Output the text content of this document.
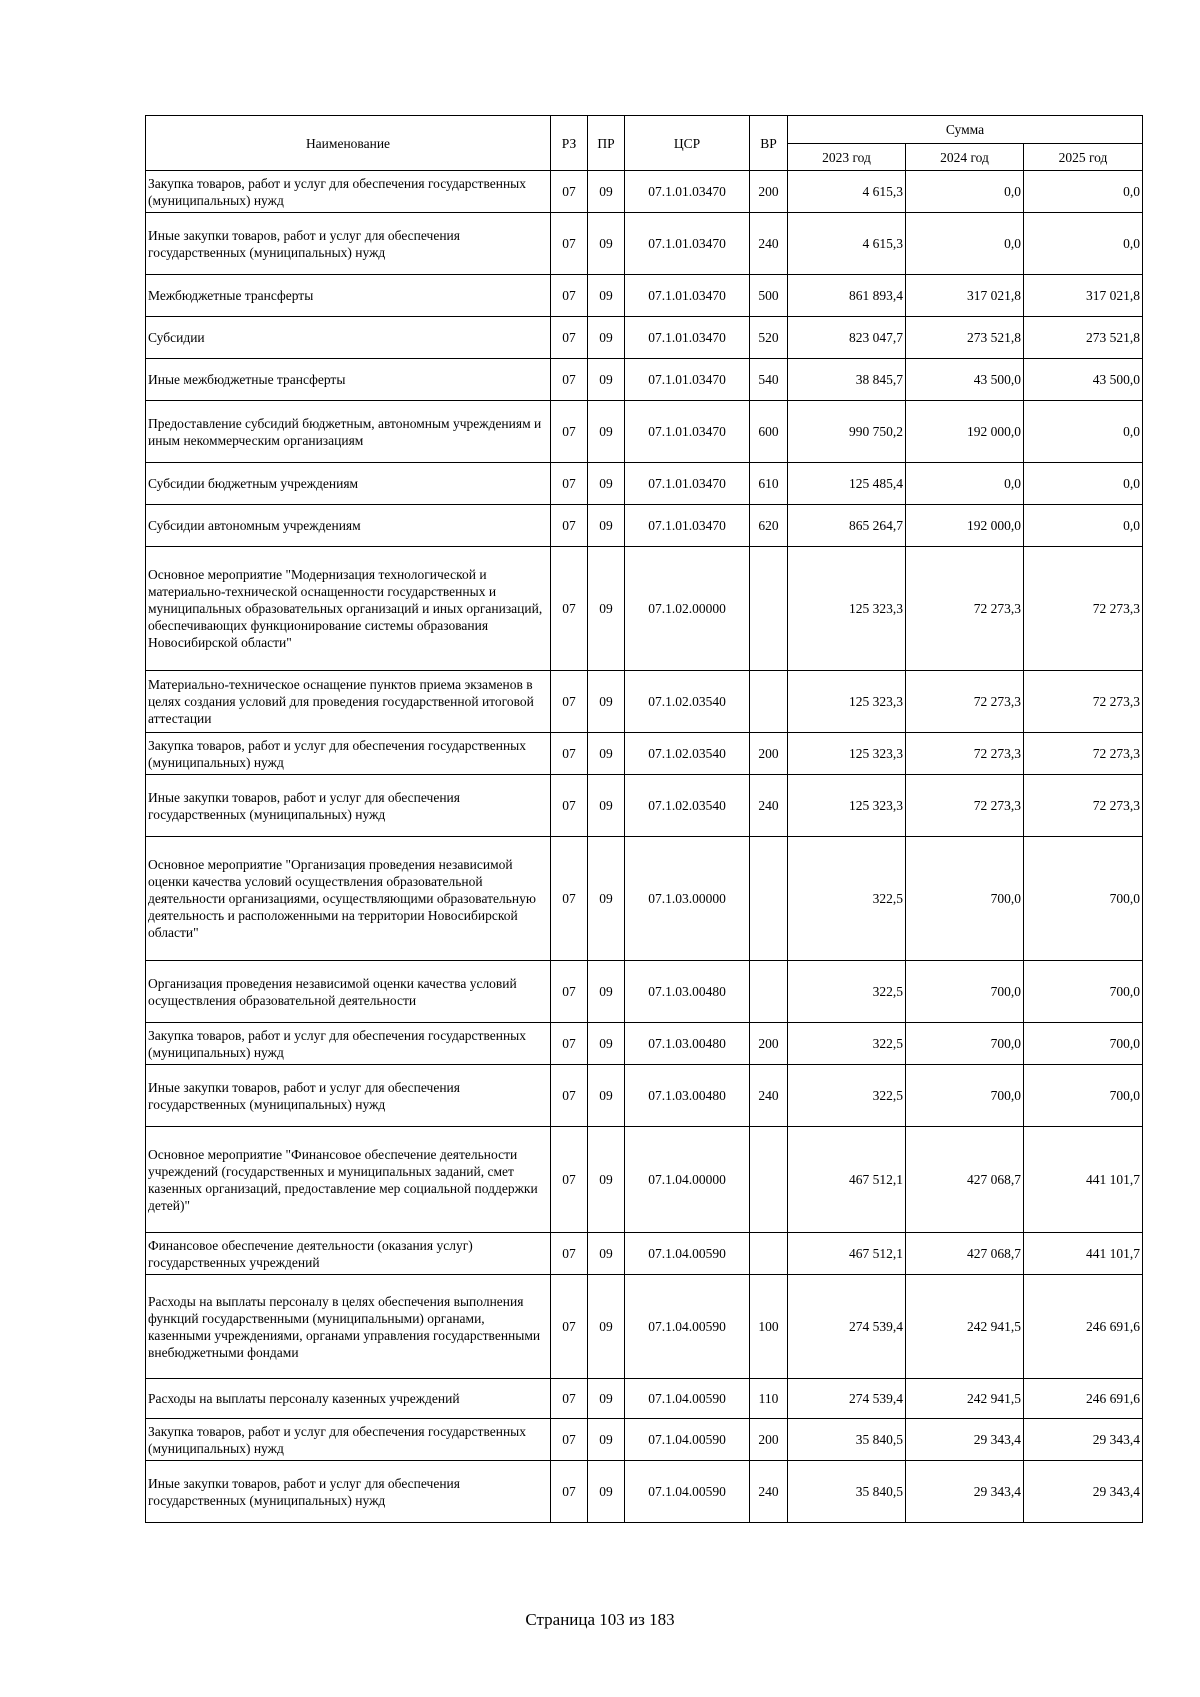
Наименование	РЗ	ПР	ЦСР	ВР	Сумма		
					2023 год	2024 год	2025 год
Закупка товаров, работ и услуг для обеспечения государственных (муниципальных) нужд	07	09	07.1.01.03470	200	4 615,3	0,0	0,0
Иные закупки товаров, работ и услуг для обеспечения государственных (муниципальных) нужд	07	09	07.1.01.03470	240	4 615,3	0,0	0,0
Межбюджетные трансферты	07	09	07.1.01.03470	500	861 893,4	317 021,8	317 021,8
Субсидии	07	09	07.1.01.03470	520	823 047,7	273 521,8	273 521,8
Иные межбюджетные трансферты	07	09	07.1.01.03470	540	38 845,7	43 500,0	43 500,0
Предоставление субсидий бюджетным, автономным учреждениям и иным некоммерческим организациям	07	09	07.1.01.03470	600	990 750,2	192 000,0	0,0
Субсидии бюджетным учреждениям	07	09	07.1.01.03470	610	125 485,4	0,0	0,0
Субсидии автономным учреждениям	07	09	07.1.01.03470	620	865 264,7	192 000,0	0,0
Основное мероприятие "Модернизация технологической и материально-технической оснащенности государственных и муниципальных образовательных организаций и иных организаций, обеспечивающих функционирование системы образования Новосибирской области"	07	09	07.1.02.00000		125 323,3	72 273,3	72 273,3
Материально-техническое оснащение пунктов приема экзаменов в целях создания условий для проведения государственной итоговой аттестации	07	09	07.1.02.03540		125 323,3	72 273,3	72 273,3
Закупка товаров, работ и услуг для обеспечения государственных (муниципальных) нужд	07	09	07.1.02.03540	200	125 323,3	72 273,3	72 273,3
Иные закупки товаров, работ и услуг для обеспечения государственных (муниципальных) нужд	07	09	07.1.02.03540	240	125 323,3	72 273,3	72 273,3
Основное мероприятие "Организация проведения независимой оценки качества условий осуществления образовательной деятельности организациями, осуществляющими образовательную деятельность и расположенными на территории Новосибирской области"	07	09	07.1.03.00000		322,5	700,0	700,0
Организация проведения независимой оценки качества условий осуществления образовательной деятельности	07	09	07.1.03.00480		322,5	700,0	700,0
Закупка товаров, работ и услуг для обеспечения государственных (муниципальных) нужд	07	09	07.1.03.00480	200	322,5	700,0	700,0
Иные закупки товаров, работ и услуг для обеспечения государственных (муниципальных) нужд	07	09	07.1.03.00480	240	322,5	700,0	700,0
Основное мероприятие "Финансовое обеспечение деятельности учреждений (государственных и муниципальных заданий, смет казенных организаций, предоставление мер социальной поддержки детей)"	07	09	07.1.04.00000		467 512,1	427 068,7	441 101,7
Финансовое обеспечение деятельности (оказания услуг) государственных учреждений	07	09	07.1.04.00590		467 512,1	427 068,7	441 101,7
Расходы на выплаты персоналу в целях обеспечения выполнения функций государственными (муниципальными) органами, казенными учреждениями, органами управления государственными внебюджетными фондами	07	09	07.1.04.00590	100	274 539,4	242 941,5	246 691,6
Расходы на выплаты персоналу казенных учреждений	07	09	07.1.04.00590	110	274 539,4	242 941,5	246 691,6
Закупка товаров, работ и услуг для обеспечения государственных (муниципальных) нужд	07	09	07.1.04.00590	200	35 840,5	29 343,4	29 343,4
Иные закупки товаров, работ и услуг для обеспечения государственных (муниципальных) нужд	07	09	07.1.04.00590	240	35 840,5	29 343,4	29 343,4
Страница 103 из 183
